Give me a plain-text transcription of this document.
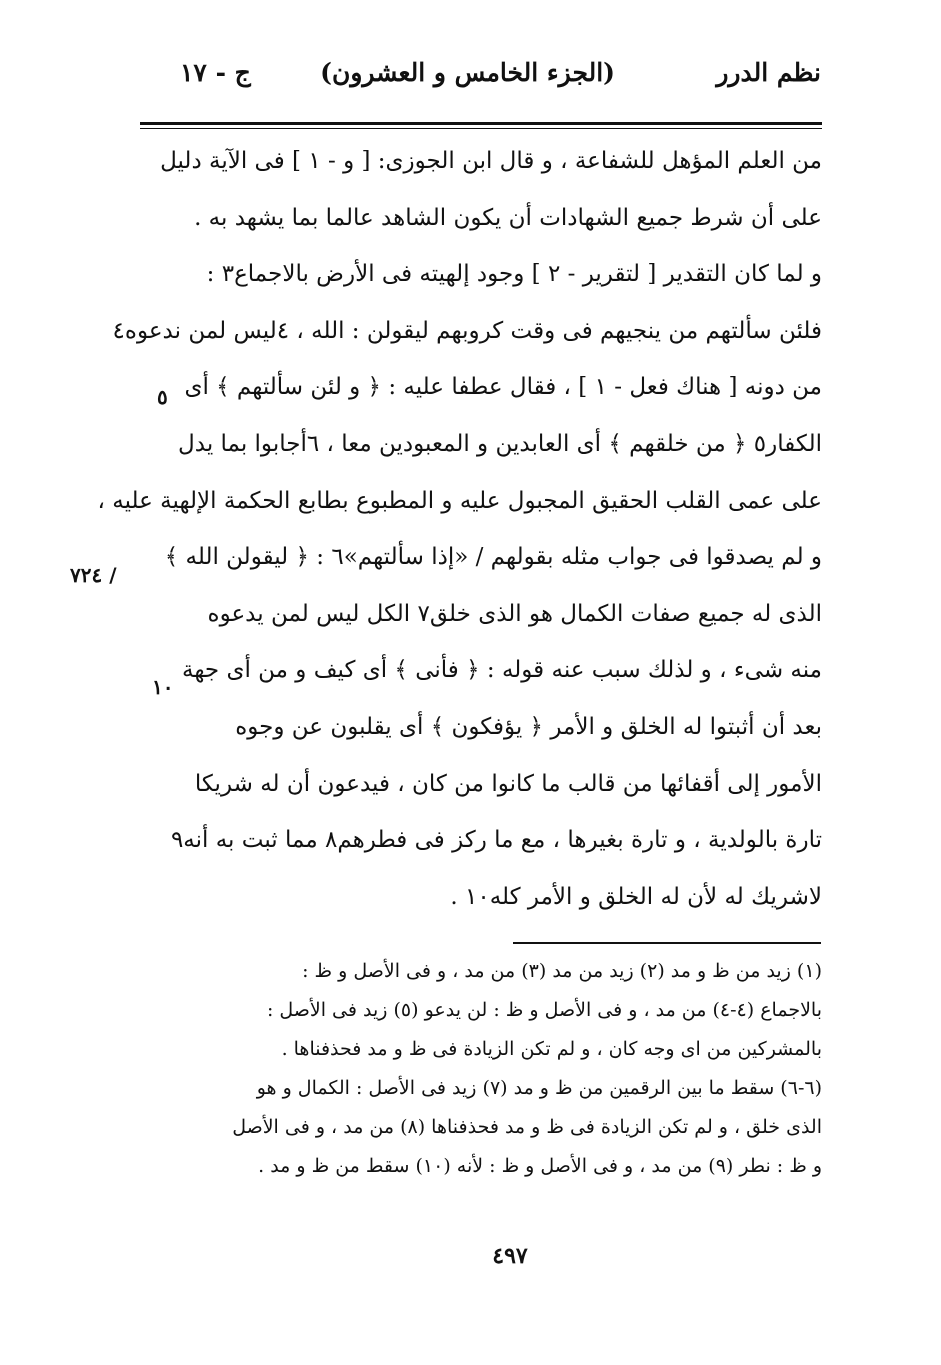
نظم الدرر
(الجزء الخامس و العشرون)
ج - ١٧
من العلم المؤهل للشفاعة ، و قال ابن الجوزى: [ و - ١ ] فى الآية دليل
على أن شرط جميع الشهادات أن يكون الشاهد عالما بما يشهد به .
و لما كان التقدير [ لتقرير - ٢ ] وجود إلهيته فى الأرض بالاجماع٣ :
فلئن سألتهم من ينجيهم فى وقت كروبهم ليقولن : الله ، ٤ليس لمن ندعوه٤
من دونه [ هناك فعل - ١ ] ، فقال عطفا عليه : ﴿ و لئن سألتهم ﴾ أى
الكفار٥ ﴿ من خلقهم ﴾ أى العابدين و المعبودين معا ، ٦أجابوا بما يدل
على عمى القلب الحقيق المجبول عليه و المطبوع بطابع الحكمة الإلهية عليه ،
و لم يصدقوا فى جواب مثله بقولهم / «إذا سألتهم»٦ : ﴿ ليقولن الله ﴾
الذى له جميع صفات الكمال هو الذى خلق٧ الكل ليس لمن يدعوه
منه شىء ، و لذلك سبب عنه قوله : ﴿ فأنى ﴾ أى كيف و من أى جهة
بعد أن أثبتوا له الخلق و الأمر ﴿ يؤفكون ﴾ أى يقلبون عن وجوه
الأمور إلى أقفائها من قالب ما كانوا من كان ، فيدعون أن له شريكا
تارة بالولدية ، و تارة بغيرها ، مع ما ركز فى فطرهم٨ مما ثبت به أنه٩
لاشريك له لأن له الخلق و الأمر كله١٠ .
٥
١٠
/ ٧٢٤
(١) زيد من ظ و مد (٢) زيد من مد (٣) من مد ، و فى الأصل و ظ :
بالاجماع (٤-٤) من مد ، و فى الأصل و ظ : لن يدعو (٥) زيد فى الأصل :
بالمشركين من اى وجه كان ، و لم تكن الزيادة فى ظ و مد فحذفناها .
(٦-٦) سقط ما بين الرقمين من ظ و مد (٧) زيد فى الأصل : الكمال و هو
الذى خلق ، و لم تكن الزيادة فى ظ و مد فحذفناها (٨) من مد ، و فى الأصل
و ظ : نطر (٩) من مد ، و فى الأصل و ظ : لأنه (١٠) سقط من ظ و مد .
٤٩٧
